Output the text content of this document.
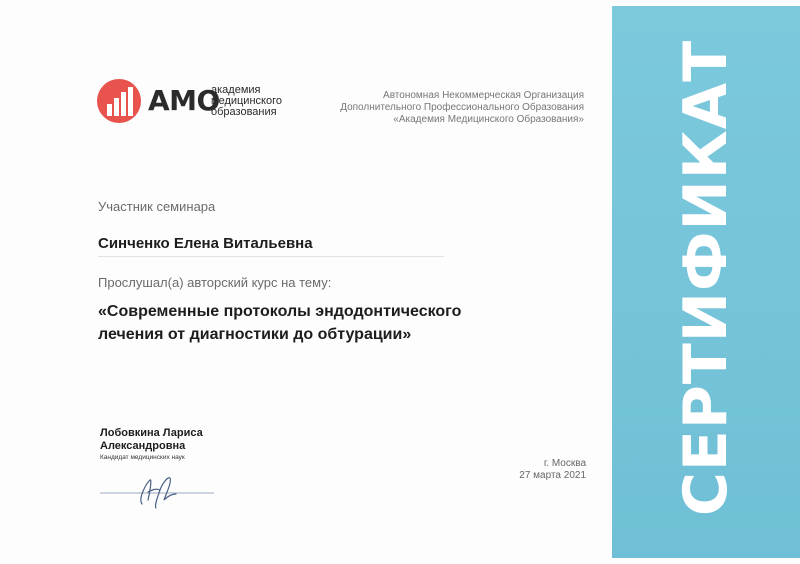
АМО
академия
медицинского
образования
Автономная Некоммерческая Организация
Дополнительного Профессионального Образования
«Академия Медицинского Образования»
Участник семинара
Синченко Елена Витальевна
Прослушал(а) авторский курс на тему:
«Современные протоколы эндодонтического
лечения от диагностики до обтурации»
Лобовкина Лариса
Александровна
Кандидат медицинских наук
г. Москва
27 марта 2021 СЕРТИФИКАТ
